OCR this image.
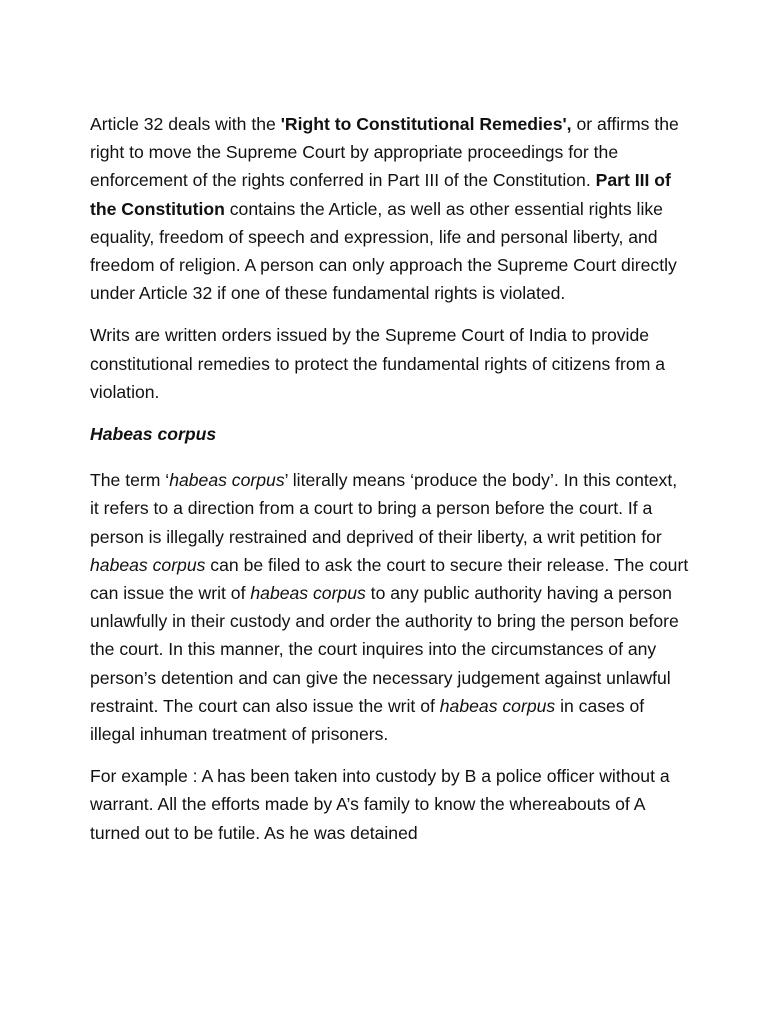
Article 32 deals with the 'Right to Constitutional Remedies', or affirms the right to move the Supreme Court by appropriate proceedings for the enforcement of the rights conferred in Part III of the Constitution. Part III of the Constitution contains the Article, as well as other essential rights like equality, freedom of speech and expression, life and personal liberty, and freedom of religion. A person can only approach the Supreme Court directly under Article 32 if one of these fundamental rights is violated.

Writs are written orders issued by the Supreme Court of India to provide constitutional remedies to protect the fundamental rights of citizens from a violation.

Habeas corpus

The term ‘habeas corpus’ literally means ‘produce the body’. In this context, it refers to a direction from a court to bring a person before the court. If a person is illegally restrained and deprived of their liberty, a writ petition for habeas corpus can be filed to ask the court to secure their release. The court can issue the writ of habeas corpus to any public authority having a person unlawfully in their custody and order the authority to bring the person before the court. In this manner, the court inquires into the circumstances of any person’s detention and can give the necessary judgement against unlawful restraint. The court can also issue the writ of habeas corpus in cases of illegal inhuman treatment of prisoners.

For example : A has been taken into custody by B a police officer without a warrant. All the efforts made by A’s family to know the whereabouts of A turned out to be futile. As he was detained
